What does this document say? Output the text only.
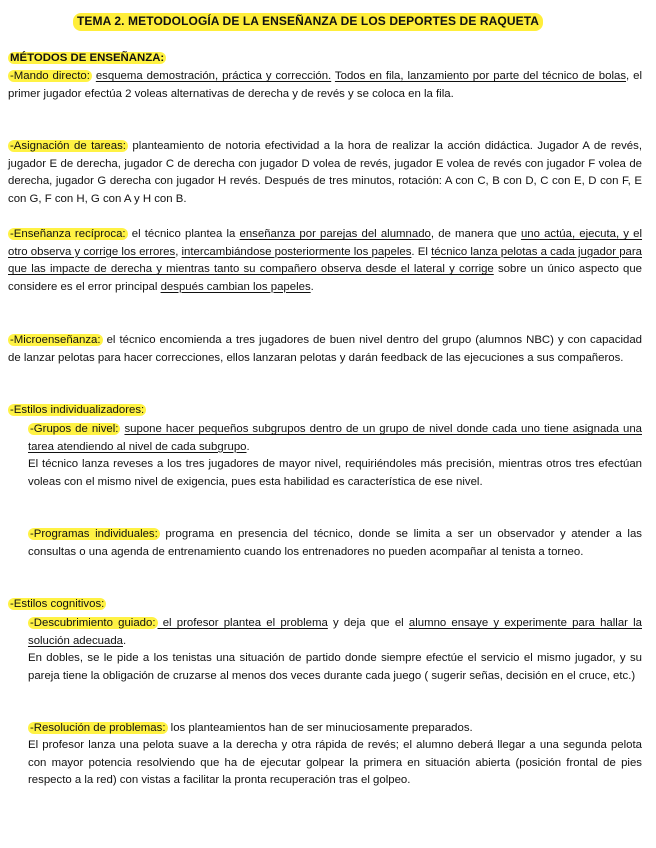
TEMA 2. METODOLOGÍA DE LA ENSEÑANZA DE LOS DEPORTES DE RAQUETA
MÉTODOS DE ENSEÑANZA:

-Mando directo: esquema demostración, práctica y corrección. Todos en fila, lanzamiento por parte del técnico de bolas, el primer jugador efectúa 2 voleas alternativas de derecha y de revés y se coloca en la fila.

-Asignación de tareas: planteamiento de notoria efectividad a la hora de realizar la acción didáctica. Jugador A de revés, jugador E de derecha, jugador C de derecha con jugador D volea de revés, jugador E volea de revés con jugador F volea de derecha, jugador G derecha con jugador H revés. Después de tres minutos, rotación: A con C, B con D, C con E, D con F, E con G, F con H, G con A y H con B.

-Enseñanza recíproca: el técnico plantea la enseñanza por parejas del alumnado, de manera que uno actúa, ejecuta, y el otro observa y corrige los errores, intercambiándose posteriormente los papeles. El técnico lanza pelotas a cada jugador para que las impacte de derecha y mientras tanto su compañero observa desde el lateral y corrige sobre un único aspecto que considere es el error principal después cambian los papeles.

-Microenseñanza: el técnico encomienda a tres jugadores de buen nivel dentro del grupo (alumnos NBC) y con capacidad de lanzar pelotas para hacer correcciones, ellos lanzaran pelotas y darán feedback de las ejecuciones a sus compañeros.

-Estilos individualizadores:

-Grupos de nivel: supone hacer pequeños subgrupos dentro de un grupo de nivel donde cada uno tiene asignada una tarea atendiendo al nivel de cada subgrupo.

El técnico lanza reveses a los tres jugadores de mayor nivel, requiriéndoles más precisión, mientras otros tres efectúan voleas con el mismo nivel de exigencia, pues esta habilidad es característica de ese nivel.

-Programas individuales: programa en presencia del técnico, donde se limita a ser un observador y atender a las consultas o una agenda de entrenamiento cuando los entrenadores no pueden acompañar al tenista a torneo.

-Estilos cognitivos:

-Descubrimiento guiado: el profesor plantea el problema y deja que el alumno ensaye y experimente para hallar la solución adecuada.

En dobles, se le pide a los tenistas una situación de partido donde siempre efectúe el servicio el mismo jugador, y su pareja tiene la obligación de cruzarse al menos dos veces durante cada juego ( sugerir señas, decisión en el cruce, etc.)

-Resolución de problemas: los planteamientos han de ser minuciosamente preparados.

El profesor lanza una pelota suave a la derecha y otra rápida de revés; el alumno deberá llegar a una segunda pelota con mayor potencia resolviendo que ha de ejecutar golpear la primera en situación abierta (posición frontal de pies respecto a la red) con vistas a facilitar la pronta recuperación tras el golpeo.
